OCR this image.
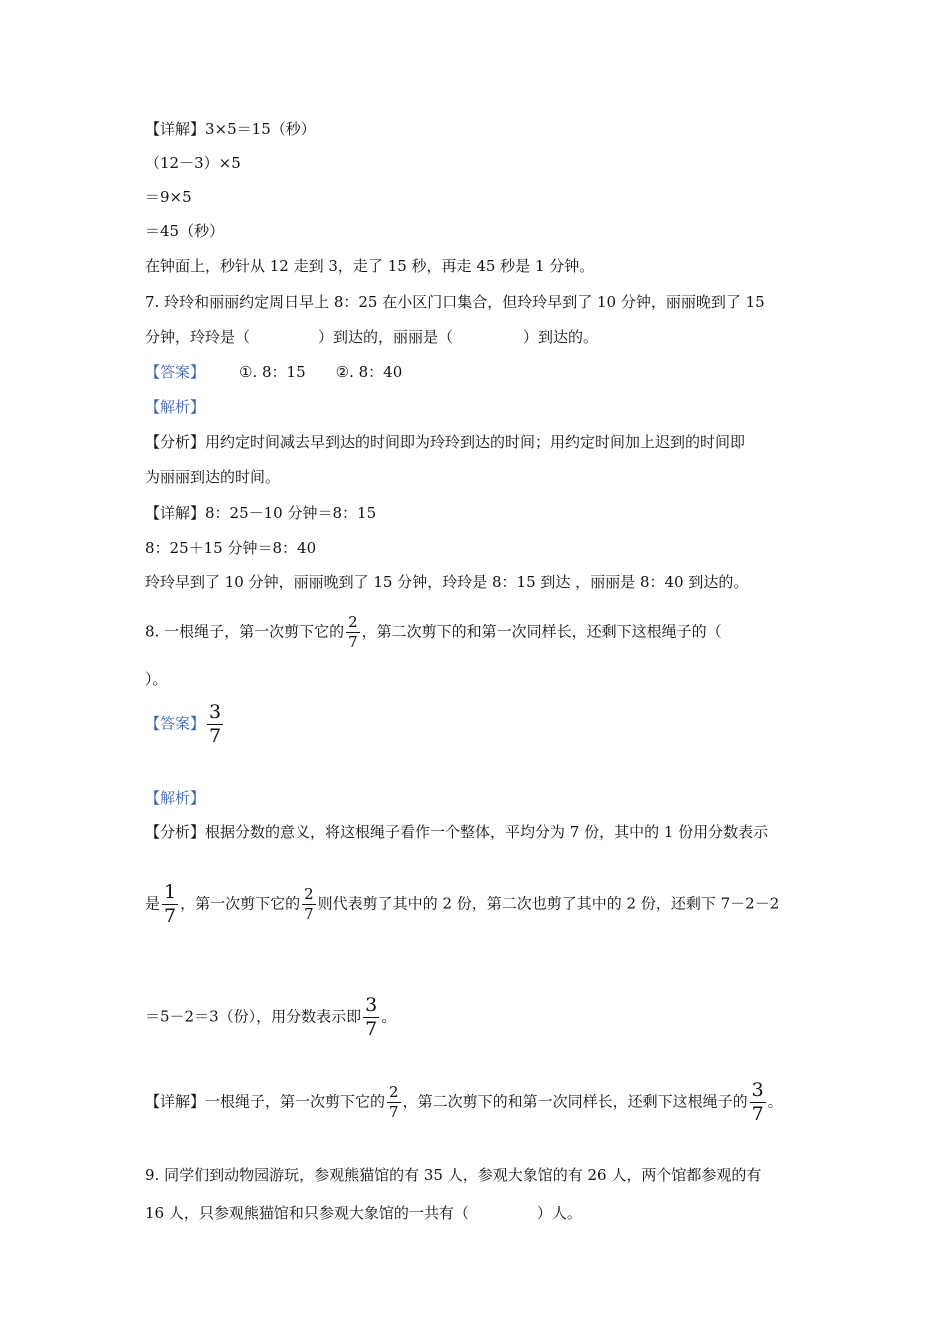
【详解】3×5＝15（秒）
（12－3）×5
＝9×5
＝45（秒）
在钟面上，秒针从 12 走到 3，走了 15 秒，再走 45 秒是 1 分钟。
7. 玲玲和丽丽约定周日早上 8：25 在小区门口集合，但玲玲早到了 10 分钟，丽丽晚到了 15
分钟，玲玲是（	）到达的，丽丽是（	）到达的。
【答案】 ①. 8：15 ②. 8：40
【解析】
【分析】用约定时间减去早到达的时间即为玲玲到达的时间；用约定时间加上迟到的时间即
为丽丽到达的时间。
【详解】8：25－10 分钟＝8：15
8：25＋15 分钟＝8：40
玲玲早到了 10 分钟，丽丽晚到了 15 分钟，玲玲是 8：15 到达 ，丽丽是 8：40 到达的。
8. 一根绳子，第一次剪下它的 $\frac{2}{7}$ ，第二次剪下的和第一次同样长，还剩下这根绳子的（
）。
【答案】 $\frac{3}{7}$
【解析】
【分析】根据分数的意义，将这根绳子看作一个整体，平均分为 7 份，其中的 1 份用分数表示
是 $\frac{1}{7}$ ，第一次剪下它的 $\frac{2}{7}$ 则代表剪了其中的 2 份，第二次也剪了其中的 2 份，还剩下 7－2－2
＝5－2＝3（份），用分数表示即 $\frac{3}{7}$ 。
【详解】一根绳子，第一次剪下它的 $\frac{2}{7}$ ，第二次剪下的和第一次同样长，还剩下这根绳子的 $\frac{3}{7}$ 。
9. 同学们到动物园游玩，参观熊猫馆的有 35 人，参观大象馆的有 26 人，两个馆都参观的有
16 人，只参观熊猫馆和只参观大象馆的一共有（	）人。
